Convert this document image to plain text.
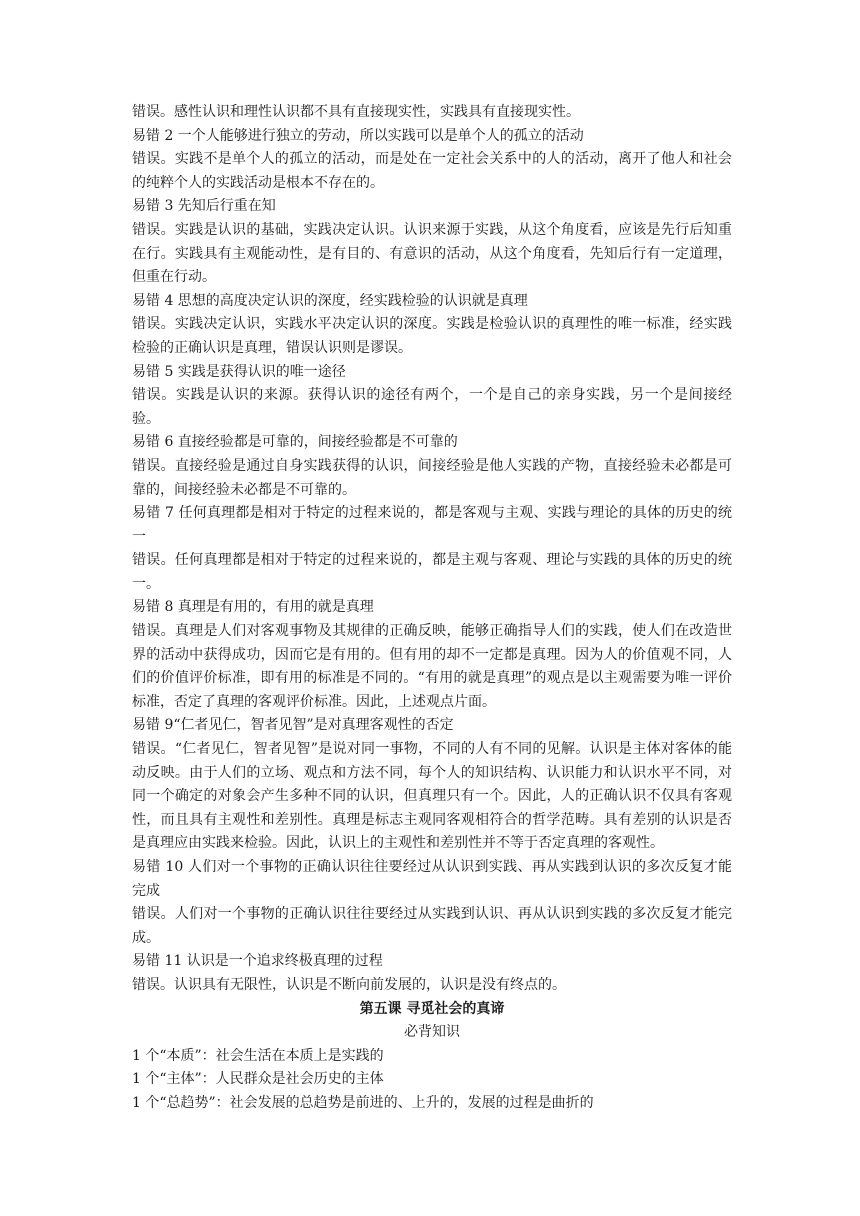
错误。感性认识和理性认识都不具有直接现实性，实践具有直接现实性。

易错 2 一个人能够进行独立的劳动，所以实践可以是单个人的孤立的活动

错误。实践不是单个人的孤立的活动，而是处在一定社会关系中的人的活动，离开了他人和社会的纯粹个人的实践活动是根本不存在的。

易错 3 先知后行重在知

错误。实践是认识的基础，实践决定认识。认识来源于实践，从这个角度看，应该是先行后知重在行。实践具有主观能动性，是有目的、有意识的活动，从这个角度看，先知后行有一定道理，但重在行动。

易错 4 思想的高度决定认识的深度，经实践检验的认识就是真理

错误。实践决定认识，实践水平决定认识的深度。实践是检验认识的真理性的唯一标准，经实践检验的正确认识是真理，错误认识则是谬误。

易错 5 实践是获得认识的唯一途径

错误。实践是认识的来源。获得认识的途径有两个，一个是自己的亲身实践，另一个是间接经验。

易错 6 直接经验都是可靠的，间接经验都是不可靠的

错误。直接经验是通过自身实践获得的认识，间接经验是他人实践的产物，直接经验未必都是可靠的，间接经验未必都是不可靠的。

易错 7 任何真理都是相对于特定的过程来说的，都是客观与主观、实践与理论的具体的历史的统一

错误。任何真理都是相对于特定的过程来说的，都是主观与客观、理论与实践的具体的历史的统一。

易错 8 真理是有用的，有用的就是真理

错误。真理是人们对客观事物及其规律的正确反映，能够正确指导人们的实践，使人们在改造世界的活动中获得成功，因而它是有用的。但有用的却不一定都是真理。因为人的价值观不同，人们的价值评价标准，即有用的标准是不同的。“有用的就是真理”的观点是以主观需要为唯一评价标准，否定了真理的客观评价标准。因此，上述观点片面。

易错 9“仁者见仁，智者见智”是对真理客观性的否定

错误。“仁者见仁，智者见智”是说对同一事物，不同的人有不同的见解。认识是主体对客体的能动反映。由于人们的立场、观点和方法不同，每个人的知识结构、认识能力和认识水平不同，对同一个确定的对象会产生多种不同的认识，但真理只有一个。因此，人的正确认识不仅具有客观性，而且具有主观性和差别性。真理是标志主观同客观相符合的哲学范畴。具有差别的认识是否是真理应由实践来检验。因此，认识上的主观性和差别性并不等于否定真理的客观性。

易错 10 人们对一个事物的正确认识往往要经过从认识到实践、再从实践到认识的多次反复才能完成

错误。人们对一个事物的正确认识往往要经过从实践到认识、再从认识到实践的多次反复才能完成。

易错 11 认识是一个追求终极真理的过程

错误。认识具有无限性，认识是不断向前发展的，认识是没有终点的。

第五课 寻觅社会的真谛

必背知识

1 个“本质”：社会生活在本质上是实践的

1 个“主体”：人民群众是社会历史的主体

1 个“总趋势”：社会发展的总趋势是前进的、上升的，发展的过程是曲折的
